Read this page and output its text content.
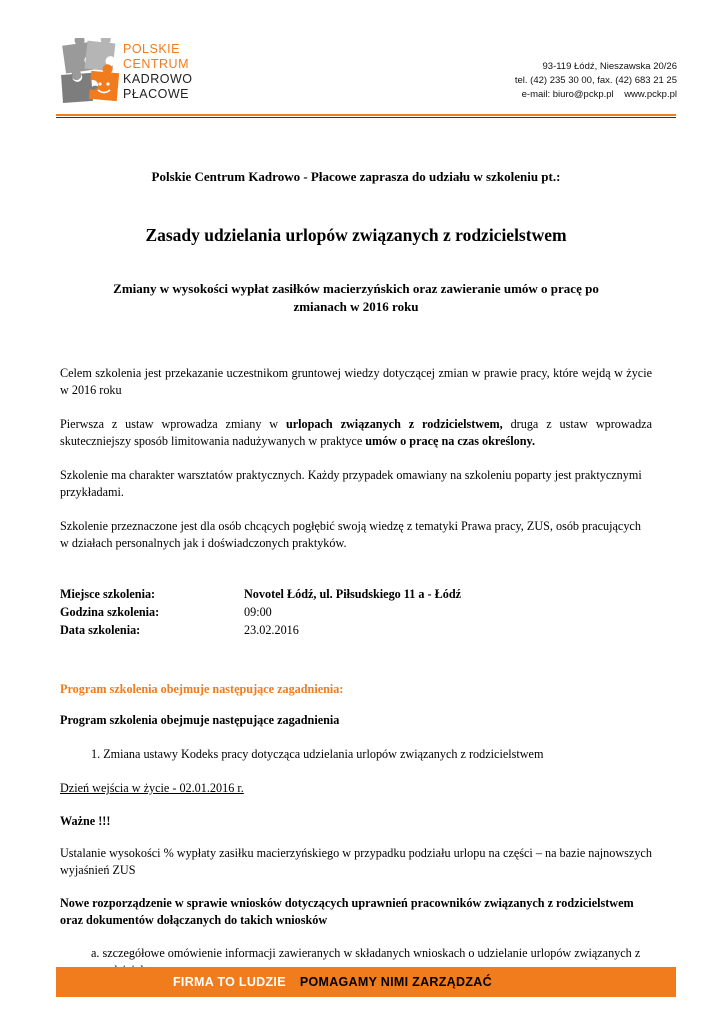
POLSKIE
CENTRUM
KADROWO
PŁACOWE
93-119 Łódź, Nieszawska 20/26
tel. (42) 235 30 00, fax. (42) 683 21 25
e-mail: biuro@pckp.pl    www.pckp.pl

Polskie Centrum Kadrowo - Płacowe zaprasza do udziału w szkoleniu pt.:

Zasady udzielania urlopów związanych z rodzicielstwem

Zmiany w wysokości wypłat zasiłków macierzyńskich oraz zawieranie umów o pracę po
zmianach w 2016 roku

Celem szkolenia jest przekazanie uczestnikom gruntowej wiedzy dotyczącej zmian w prawie pracy, które wejdą w życie w 2016 roku

Pierwsza z ustaw wprowadza zmiany w urlopach związanych z rodzicielstwem, druga z ustaw wprowadza skuteczniejszy sposób limitowania nadużywanych w praktyce umów o pracę na czas określony.

Szkolenie ma charakter warsztatów praktycznych. Każdy przypadek omawiany na szkoleniu poparty jest praktycznymi przykładami.

Szkolenie przeznaczone jest dla osób chcących pogłębić swoją wiedzę z tematyki Prawa pracy, ZUS, osób pracujących w działach personalnych jak i doświadczonych praktyków.

Miejsce szkolenia:	Novotel Łódź, ul. Piłsudskiego 11 a - Łódź
Godzina szkolenia:	09:00
Data szkolenia:	23.02.2016

Program szkolenia obejmuje następujące zagadnienia:

Program szkolenia obejmuje następujące zagadnienia

1. Zmiana ustawy Kodeks pracy dotycząca udzielania urlopów związanych z rodzicielstwem

Dzień wejścia w życie - 02.01.2016 r.

Ważne !!!

Ustalanie wysokości % wypłaty zasiłku macierzyńskiego w przypadku podziału urlopu na części – na bazie najnowszych wyjaśnień ZUS

Nowe rozporządzenie w sprawie wniosków dotyczących uprawnień pracowników związanych z rodzicielstwem oraz dokumentów dołączanych do takich wniosków

a. szczegółowe omówienie informacji zawieranych w składanych wnioskach o udzielanie urlopów związanych z

FIRMA TO LUDZIE POMAGAMY NIMI ZARZĄDZAĆ
